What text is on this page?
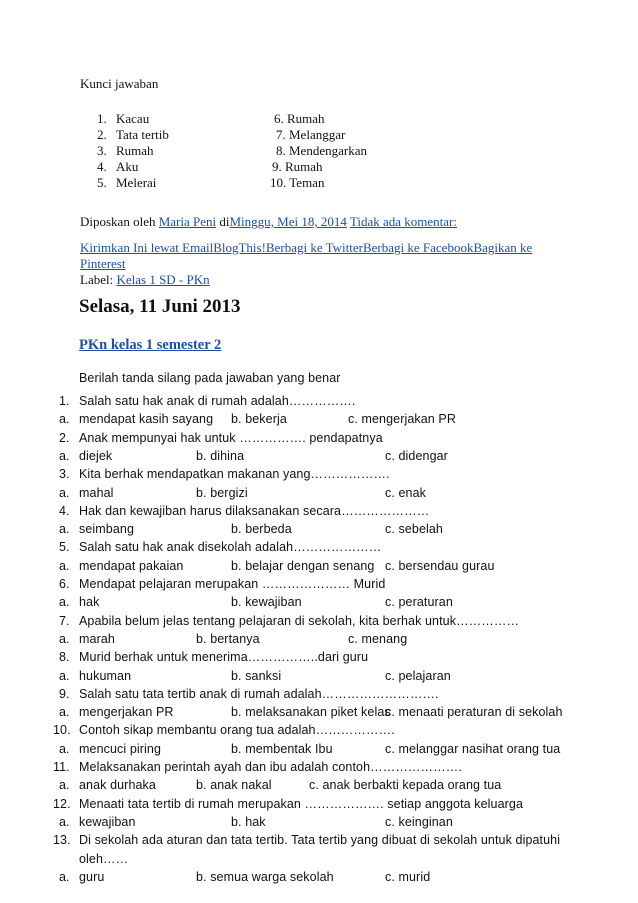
Kunci jawaban
1. Kacau
2. Tata tertib
3. Rumah
4. Aku
5. Melerai
6. Rumah
7. Melanggar
8. Mendengarkan
9. Rumah
10. Teman
Diposkan oleh Maria Peni diMinggu, Mei 18, 2014 Tidak ada komentar:
Kirimkan Ini lewat EmailBlogThis!Berbagi ke TwitterBerbagi ke FacebookBagikan ke
Pinterest
Label: Kelas 1 SD - PKn
Selasa, 11 Juni 2013
PKn kelas 1 semester 2
Berilah tanda silang pada jawaban yang benar
1. Salah satu hak anak di rumah adalah…………….
a. mendapat kasih sayang b. bekerja	c. mengerjakan PR
2. Anak mempunyai hak untuk ……………. pendapatnya
a. diejek	b. dihina	c. didengar
3. Kita berhak mendapatkan makanan yang……………….
a. mahal	b. bergizi	c. enak
4. Hak dan kewajiban harus dilaksanakan secara…………………
a. seimbang	b. berbeda	c. sebelah
5. Salah satu hak anak disekolah adalah…………………
a. mendapat pakaian	b. belajar dengan senang c. bersendau gurau
6. Mendapat pelajaran merupakan ………………… Murid
a. hak	b. kewajiban	c. peraturan
7. Apabila belum jelas tentang pelajaran di sekolah, kita berhak untuk……………
a. marah	b. bertanya	c. menang
8. Murid berhak untuk menerima……………..dari guru
a. hukuman	b. sanksi	c. pelajaran
9. Salah satu tata tertib anak di rumah adalah……………………….
a. mengerjakan PR	b. melaksanakan piket kelas
c. menaati peraturan di sekolah
10. Contoh sikap membantu orang tua adalah……………….
a. mencuci piring	b. membentak Ibu	c. melanggar nasihat orang tua
11. Melaksanakan perintah ayah dan ibu adalah contoh………………….
a. anak durhaka	b. anak nakal	c. anak berbakti kepada orang tua
12. Menaati tata tertib di rumah merupakan ………………. setiap anggota keluarga
a. kewajiban	b. hak	c. keinginan
13. Di sekolah ada aturan dan tata tertib. Tata tertib yang dibuat di sekolah untuk dipatuhi
oleh……
a. guru	b. semua warga sekolah	c. murid
